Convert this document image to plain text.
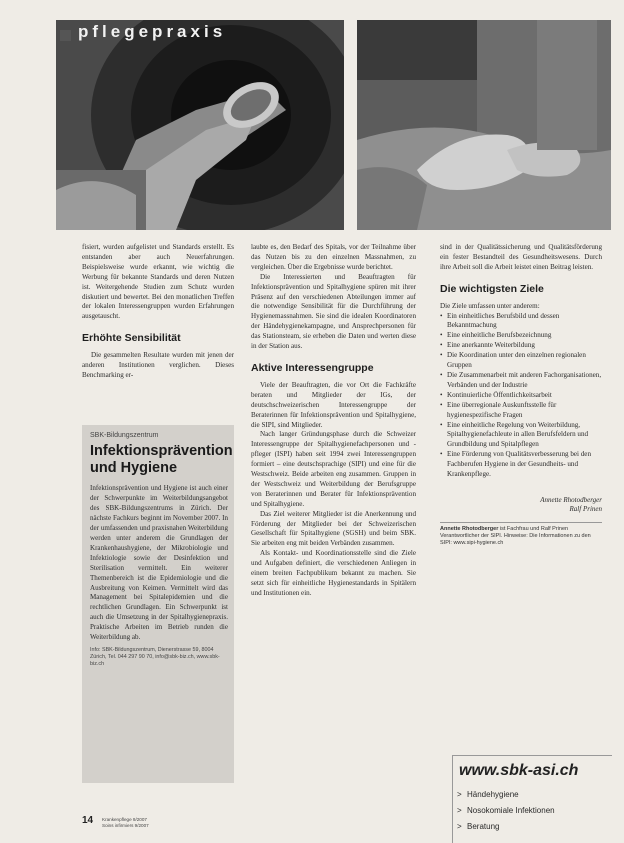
pflegepraxis

fisiert, wurden aufgelistet und Standards erstellt. Es entstanden aber auch Neuerfahrungen. Beispielsweise wurde erkannt, wie wichtig die Werbung für bekannte Standards und deren Nutzen ist. Weitergehende Studien zum Schutz wurden diskutiert und bewertet. Bei den monatlichen Treffen der lokalen Interessengruppen wurden Erfahrungen ausgetauscht.

Erhöhte Sensibilität

Die gesammelten Resultate wurden mit jenen der anderen Institutionen verglichen. Dieses Benchmarking er-

SBK-Bildungszentrum
Infektionsprävention und Hygiene
Infektionsprävention und Hygiene ist auch einer der Schwerpunkte im Weiterbildungsangebot des SBK-Bildungszentrums in Zürich. Der nächste Fachkurs beginnt im November 2007. In der umfassenden und praxisnahen Weiterbildung werden unter anderem die Grundlagen der Krankenhaushygiene, der Mikrobiologie und Infektiologie sowie der Desinfektion und Sterilisation vermittelt. Ein weiterer Themenbereich ist die Epidemiologie und die Ausbreitung von Keimen. Vermittelt wird das Management bei Spitalepidemien und die rechtlichen Grundlagen. Ein Schwerpunkt ist auch die Umsetzung in der Spitalhygienepraxis. Praktische Arbeiten im Betrieb runden die Weiterbildung ab.
Info: SBK-Bildungszentrum, Dienerstrasse 59, 8004 Zürich, Tel. 044 297 90 70, info@sbk-biz.ch, www.sbk-biz.ch

laubte es, den Bedarf des Spitals, vor der Teilnahme über das Nutzen bis zu den einzelnen Massnahmen, zu vergleichen. Über die Ergebnisse wurde berichtet.

Die Interessierten und Beauftragten für Infektionsprävention und Spitalhygiene spüren mit ihrer Präsenz auf den verschiedenen Abteilungen immer auf die notwendige Sensibilität für die Durchführung der Hygienemassnahmen. Sie sind die idealen Koordinatoren der Händehygienekampagne, und Ansprechpersonen für das Stationsteam, sie erheben die Daten und werten diese in der Station aus.

Aktive Interessengruppe

Viele der Beauftragten, die vor Ort die Fachkräfte beraten und Mitglieder der IGs, der deutschschweizerischen Interessengruppe der Beraterinnen für Infektionsprävention und Spitalhygiene, die SIPI, sind Mitglieder.

Nach langer Gründungsphase durch die Schweizer Interessengruppe der Spitalhygienefachpersonen und -pfleger (ISPI) haben seit 1994 zwei Interessengruppen formiert – eine deutschsprachige (SIPI) und eine für die Westschweiz. Beide arbeiten eng zusammen. Gruppen in der Westschweiz und Weiterbildung der Berufsgruppe von Beraterinnen und Berater für Infektionsprävention und Spitalhygiene.

Das Ziel weiterer Mitglieder ist die Anerkennung und Förderung der Mitglieder bei der Schweizerischen Gesellschaft für Spitalhygiene (SGSH) und beim SBK. Sie arbeiten eng mit beiden Verbänden zusammen.

Als Kontakt- und Koordinationsstelle sind die Ziele und Aufgaben definiert, die verschiedenen Anliegen in einem breiten Fachpublikum bekannt zu machen. Sie setzt sich für einheitliche Hygienestandards in Spitälern und Institutionen ein.

sind in der Qualitätssicherung und Qualitätsförderung ein fester Bestandteil des Gesundheitswesens. Durch ihre Arbeit soll die Arbeit leistet einen Beitrag leisten.

Die wichtigsten Ziele

Die Ziele umfassen unter anderem:

• Ein einheitliches Berufsbild und dessen Bekanntmachung
• Eine einheitliche Berufsbezeichnung
• Eine anerkannte Weiterbildung
• Die Koordination unter den einzelnen regionalen Gruppen
• Die Zusammenarbeit mit anderen Fachorganisationen, Verbänden und der Industrie
• Kontinuierliche Öffentlichkeitsarbeit
• Eine überregionale Auskunftsstelle für hygienespezifische Fragen
• Eine einheitliche Regelung von Weiterbildung, Spitalhygienefachleute in allen Berufsfeldern und Grundbildung und Spitalpflegen
• Eine Förderung von Qualitätsverbesserung bei den Fachberufen Hygiene in der Gesundheits- und Krankenpflege.
Annette Rhotodberger
Ralf Prinen
Annette Rhotodberger ist Fachfrau und Ralf Prinen Verantwortlicher der SIPI. Hinweise: Die Informationen zu den SIPI: www.sipi-hygiene.ch
www.sbk-asi.ch
> Händehygiene
> Nosokomiale Infektionen
> Beratung
14 Krankenpflege 9/2007
Soins infirmiers 9/2007
